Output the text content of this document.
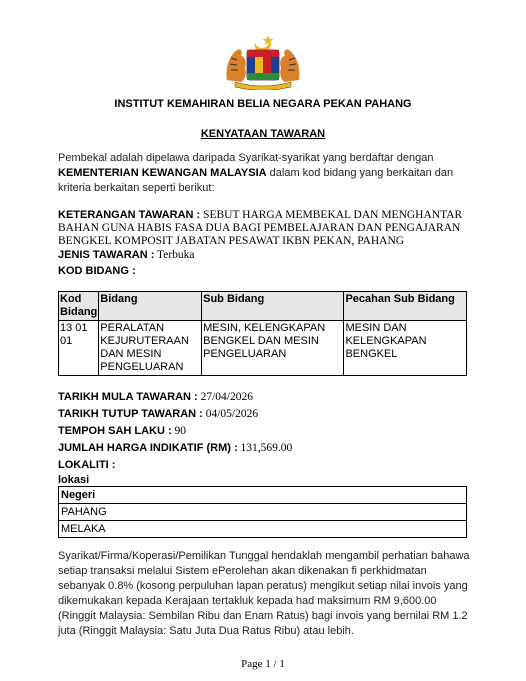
INSTITUT KEMAHIRAN BELIA NEGARA PEKAN PAHANG
KENYATAAN TAWARAN
Pembekal adalah dipelawa daripada Syarikat-syarikat yang berdaftar dengan KEMENTERIAN KEWANGAN MALAYSIA dalam kod bidang yang berkaitan dan kriteria berkaitan seperti berikut:
KETERANGAN TAWARAN : SEBUT HARGA MEMBEKAL DAN MENGHANTAR BAHAN GUNA HABIS FASA DUA BAGI PEMBELAJARAN DAN PENGAJARAN BENGKEL KOMPOSIT JABATAN PESAWAT IKBN PEKAN, PAHANG
JENIS TAWARAN : Terbuka
KOD BIDANG :
Kod Bidang	Bidang	Sub Bidang	Pecahan Sub Bidang
13 01 01	PERALATAN KEJURUTERAAN DAN MESIN PENGELUARAN	MESIN, KELENGKAPAN BENGKEL DAN MESIN PENGELUARAN	MESIN DAN KELENGKAPAN BENGKEL
TARIKH MULA TAWARAN : 27/04/2026
TARIKH TUTUP TAWARAN : 04/05/2026
TEMPOH SAH LAKU : 90
JUMLAH HARGA INDIKATIF (RM) : 131,569.00
LOKALITI :
lokasi
Negeri
PAHANG
MELAKA
Syarikat/Firma/Koperasi/Pemilikan Tunggal hendaklah mengambil perhatian bahawa setiap transaksi melalui Sistem ePerolehan akan dikenakan fi perkhidmatan sebanyak 0.8% (kosong perpuluhan lapan peratus) mengikut setiap nilai invois yang dikemukakan kepada Kerajaan tertakluk kepada had maksimum RM 9,600.00 (Ringgit Malaysia: Sembilan Ribu dan Enam Ratus) bagi invois yang bernilai RM 1.2 juta (Ringgit Malaysia: Satu Juta Dua Ratus Ribu) atau lebih.
Page 1 / 1
